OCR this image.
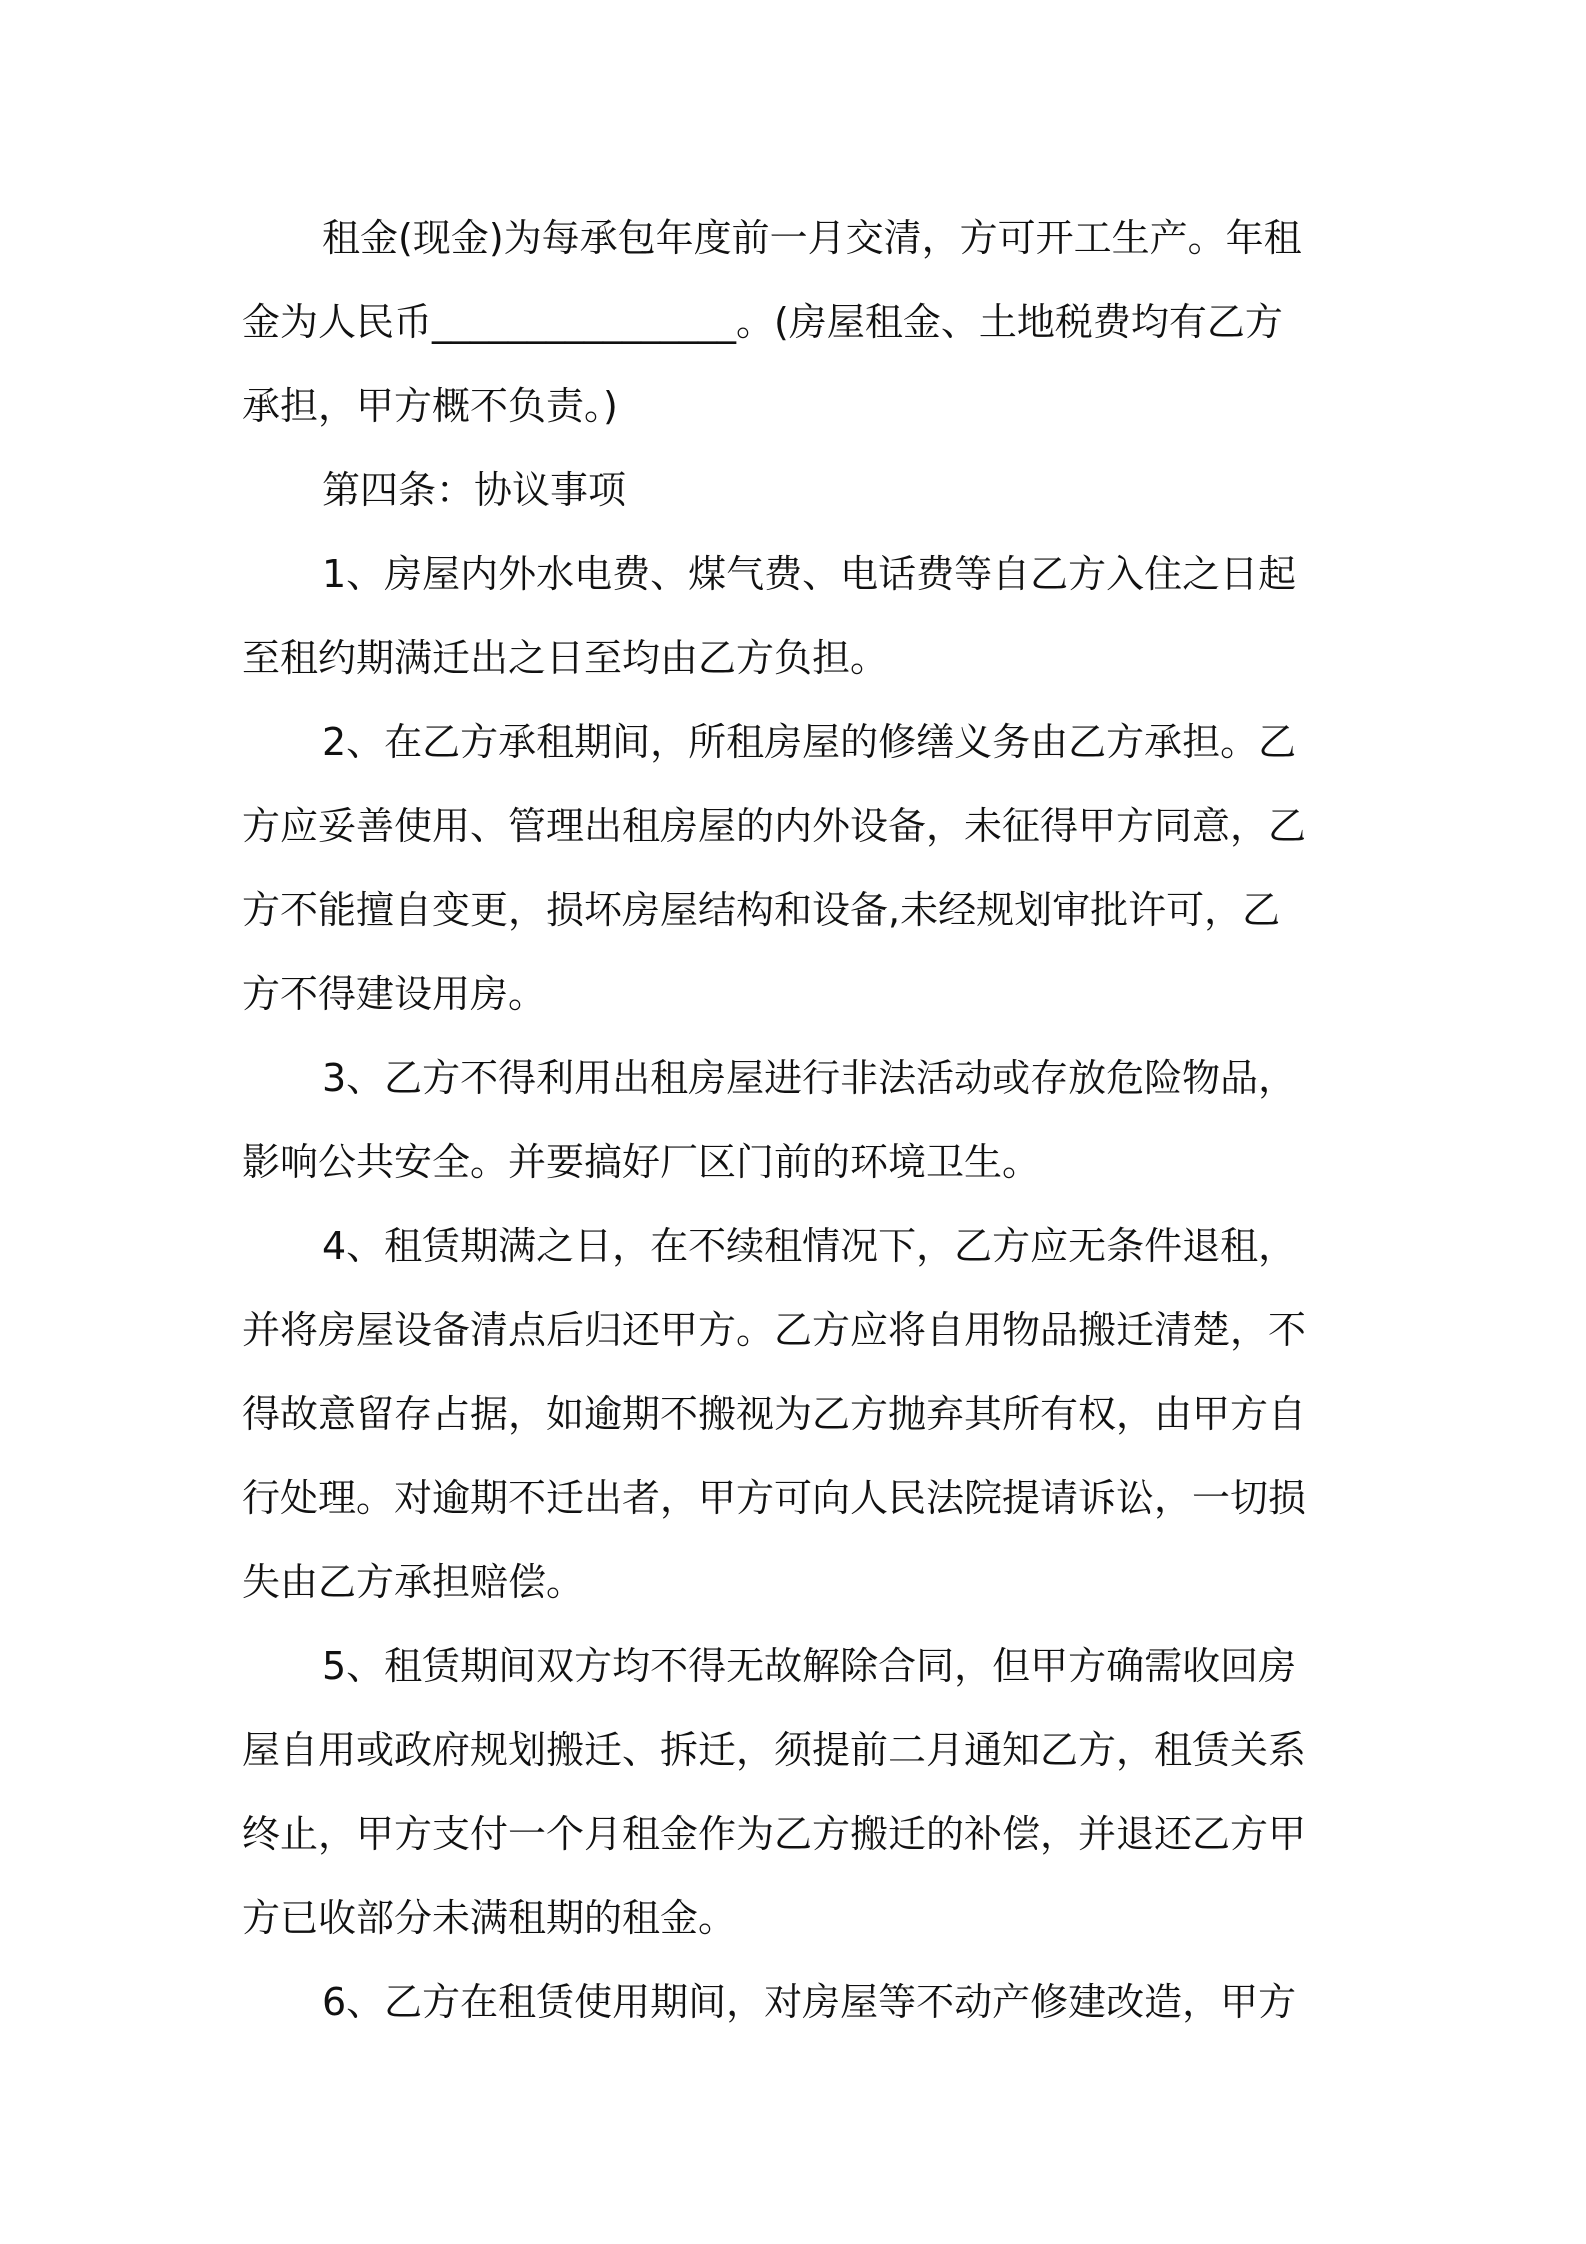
租金(现金)为每承包年度前一月交清，方可开工生产。年租
金为人民币________________。(房屋租金、土地税费均有乙方
承担，甲方概不负责。)
第四条：协议事项
1、房屋内外水电费、煤气费、电话费等自乙方入住之日起
至租约期满迁出之日至均由乙方负担。
2、在乙方承租期间，所租房屋的修缮义务由乙方承担。乙
方应妥善使用、管理出租房屋的内外设备，未征得甲方同意，乙
方不能擅自变更，损坏房屋结构和设备,未经规划审批许可，乙
方不得建设用房。
3、乙方不得利用出租房屋进行非法活动或存放危险物品，
影响公共安全。并要搞好厂区门前的环境卫生。
4、租赁期满之日，在不续租情况下，乙方应无条件退租，
并将房屋设备清点后归还甲方。乙方应将自用物品搬迁清楚，不
得故意留存占据，如逾期不搬视为乙方抛弃其所有权，由甲方自
行处理。对逾期不迁出者，甲方可向人民法院提请诉讼，一切损
失由乙方承担赔偿。
5、租赁期间双方均不得无故解除合同，但甲方确需收回房
屋自用或政府规划搬迁、拆迁，须提前二月通知乙方，租赁关系
终止，甲方支付一个月租金作为乙方搬迁的补偿，并退还乙方甲
方已收部分未满租期的租金。
6、乙方在租赁使用期间，对房屋等不动产修建改造，甲方
